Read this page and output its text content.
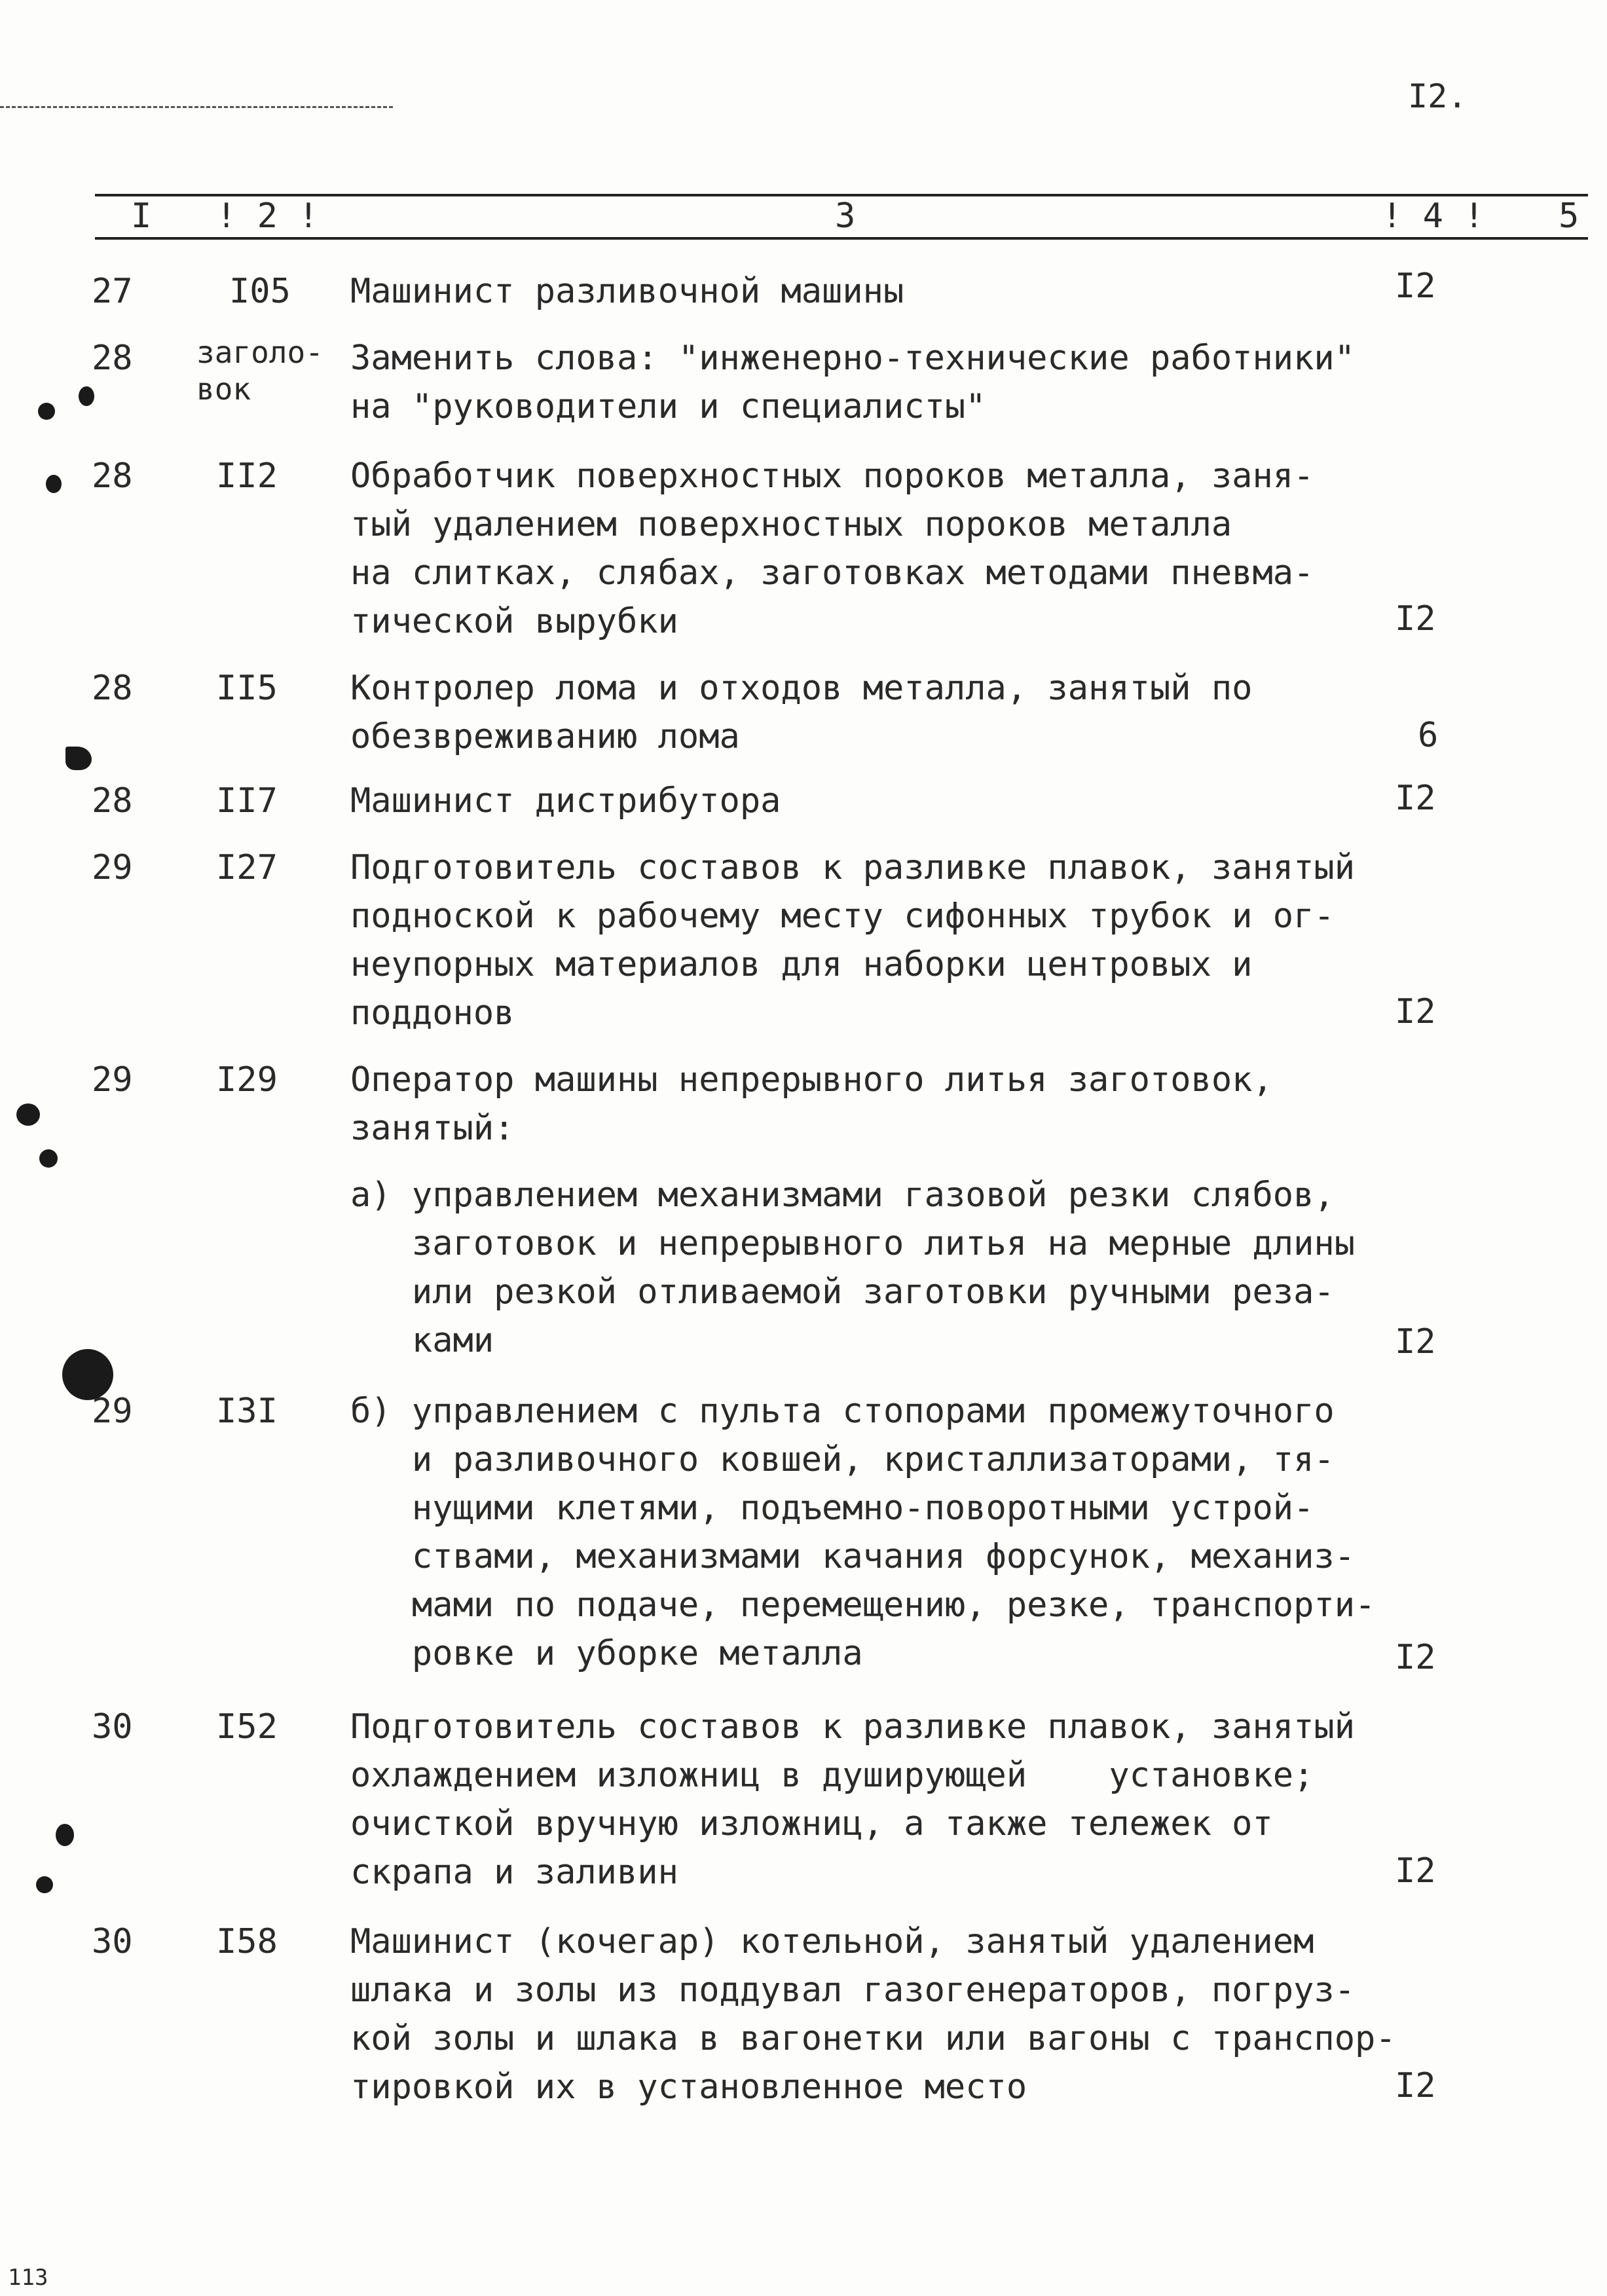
I2.
I ! 2 !	3	! 4 ! 5
27	I05 Машинист разливочной машины	I2
28 заголо-
вок
Заменить слова: "инженерно-технические работники"
на "руководители и специалисты"
28 II2 Обработчик поверхностных пороков металла, заня-
тый удалением поверхностных пороков металла
на слитках, слябах, заготовках методами пневма-
тической вырубки	I2
28 II5 Контролер лома и отходов металла, занятый по
обезвреживанию лома	6
28 II7 Машинист дистрибутора	I2
29 I27 Подготовитель составов к разливке плавок, занятый
подноской к рабочему месту сифонных трубок и ог-
неупорных материалов для наборки центровых и
поддонов	I2
29 I29 Оператор машины непрерывного литья заготовок,
занятый:
а) управлением механизмами газовой резки слябов,
заготовок и непрерывного литья на мерные длины
или резкой отливаемой заготовки ручными реза-
ками	I2
29 I3I б) управлением с пульта стопорами промежуточного
и разливочного ковшей, кристаллизаторами, тя-
нущими клетями, подъемно-поворотными устрой-
ствами, механизмами качания форсунок, механиз-
мами по подаче, перемещению, резке, транспорти-
ровке и уборке металла	I2
30 I52 Подготовитель составов к разливке плавок, занятый
охлаждением изложниц в душирующей    установке;
очисткой вручную изложниц, а также тележек от
скрапа и заливин	I2
30 I58 Машинист (кочегар) котельной, занятый удалением
шлака и золы из поддувал газогенераторов, погруз-
кой золы и шлака в вагонетки или вагоны с транспор-
тировкой их в установленное место	I2
113
